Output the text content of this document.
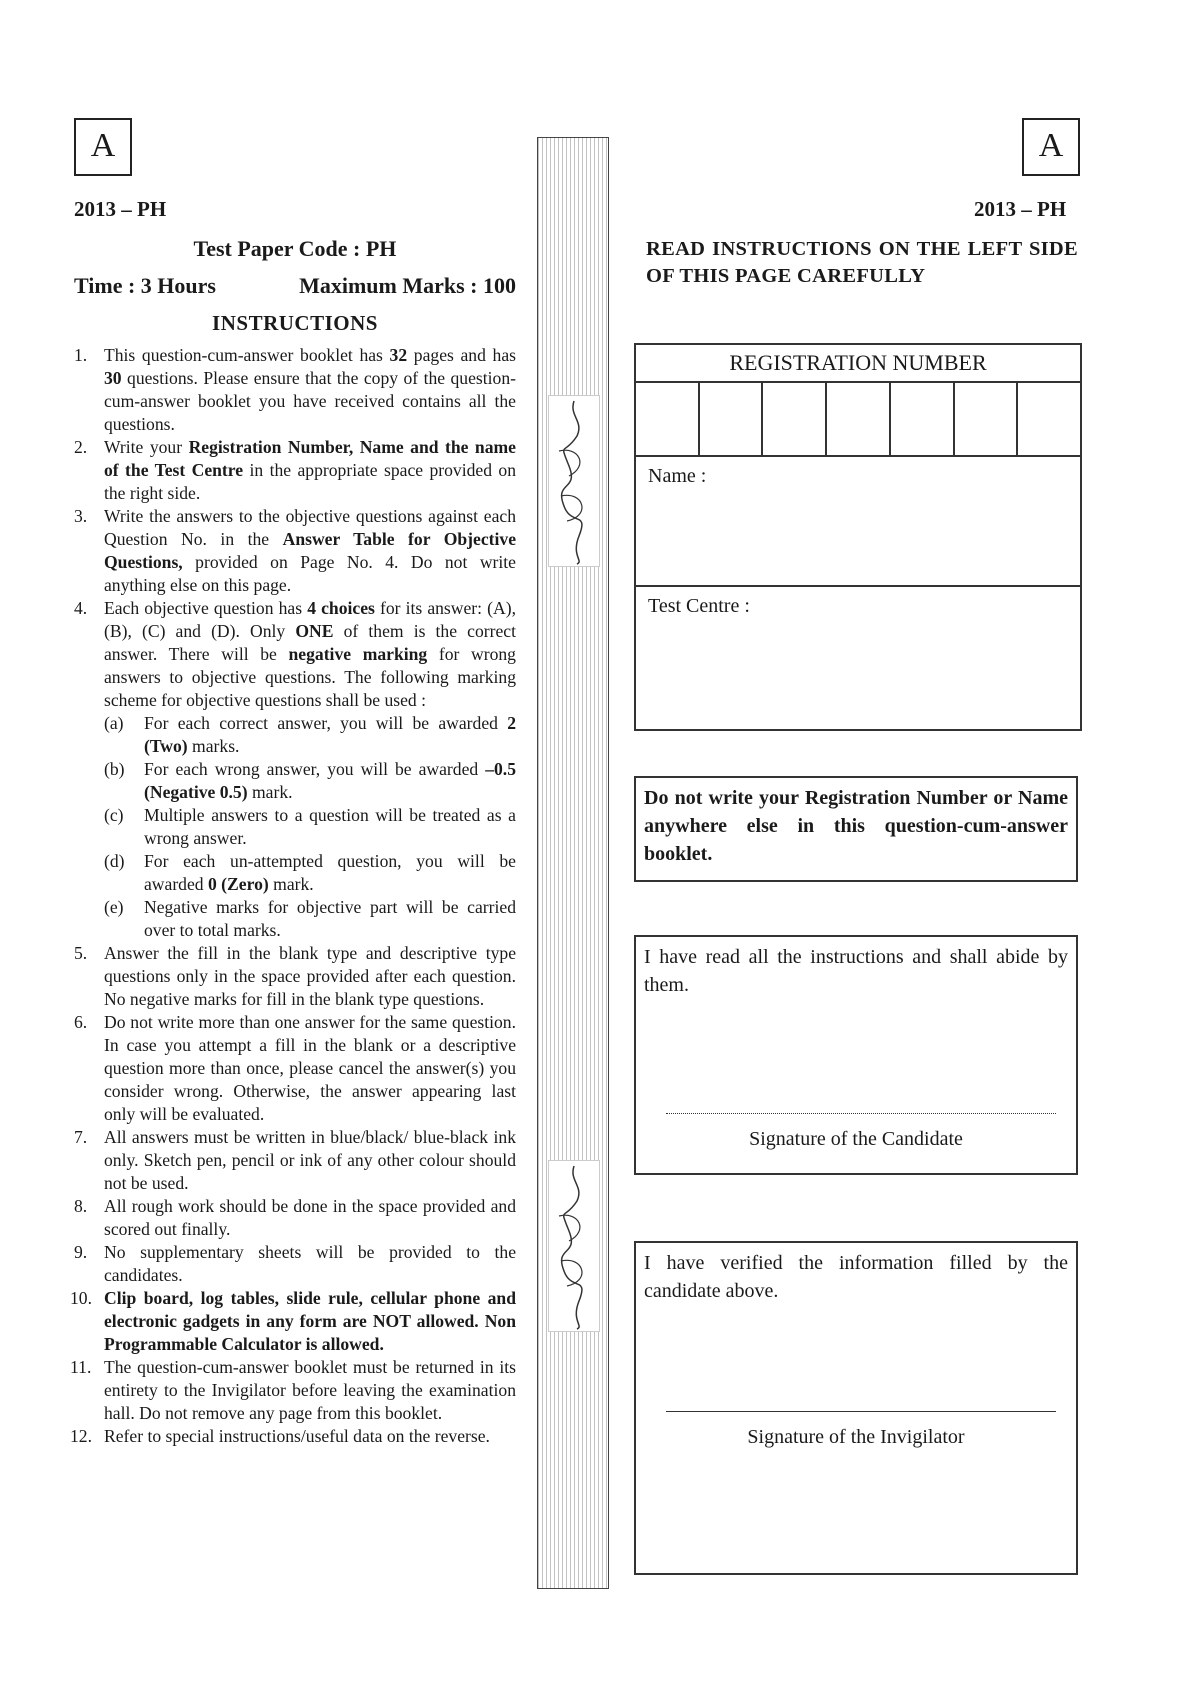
A
2013 – PH
Test Paper Code : PH
Time : 3 Hours	Maximum Marks : 100
INSTRUCTIONS
1. This question-cum-answer booklet has 32 pages and has 30 questions. Please ensure that the copy of the question-cum-answer booklet you have received contains all the questions.
2. Write your Registration Number, Name and the name of the Test Centre in the appropriate space provided on the right side.
3. Write the answers to the objective questions against each Question No. in the Answer Table for Objective Questions, provided on Page No. 4. Do not write anything else on this page.
4. Each objective question has 4 choices for its answer: (A), (B), (C) and (D). Only ONE of them is the correct answer. There will be negative marking for wrong answers to objective questions. The following marking scheme for objective questions shall be used :
(a) For each correct answer, you will be awarded 2 (Two) marks.
(b) For each wrong answer, you will be awarded –0.5 (Negative 0.5) mark.
(c) Multiple answers to a question will be treated as a wrong answer.
(d) For each un-attempted question, you will be awarded 0 (Zero) mark.
(e) Negative marks for objective part will be carried over to total marks.
5. Answer the fill in the blank type and descriptive type questions only in the space provided after each question. No negative marks for fill in the blank type questions.
6. Do not write more than one answer for the same question. In case you attempt a fill in the blank or a descriptive question more than once, please cancel the answer(s) you consider wrong. Otherwise, the answer appearing last only will be evaluated.
7. All answers must be written in blue/black/ blue-black ink only. Sketch pen, pencil or ink of any other colour should not be used.
8. All rough work should be done in the space provided and scored out finally.
9. No supplementary sheets will be provided to the candidates.
10. Clip board, log tables, slide rule, cellular phone and electronic gadgets in any form are NOT allowed. Non Programmable Calculator is allowed.
11. The question-cum-answer booklet must be returned in its entirety to the Invigilator before leaving the examination hall. Do not remove any page from this booklet.
12. Refer to special instructions/useful data on the reverse.
A
2013 – PH
READ INSTRUCTIONS ON THE LEFT SIDE OF THIS PAGE CAREFULLY
REGISTRATION NUMBER
Name :
Test Centre :
Do not write your Registration Number or Name anywhere else in this question-cum-answer booklet.
I have read all the instructions and shall abide by them.
Signature of the Candidate
I have verified the information filled by the candidate above.
Signature of the Invigilator
